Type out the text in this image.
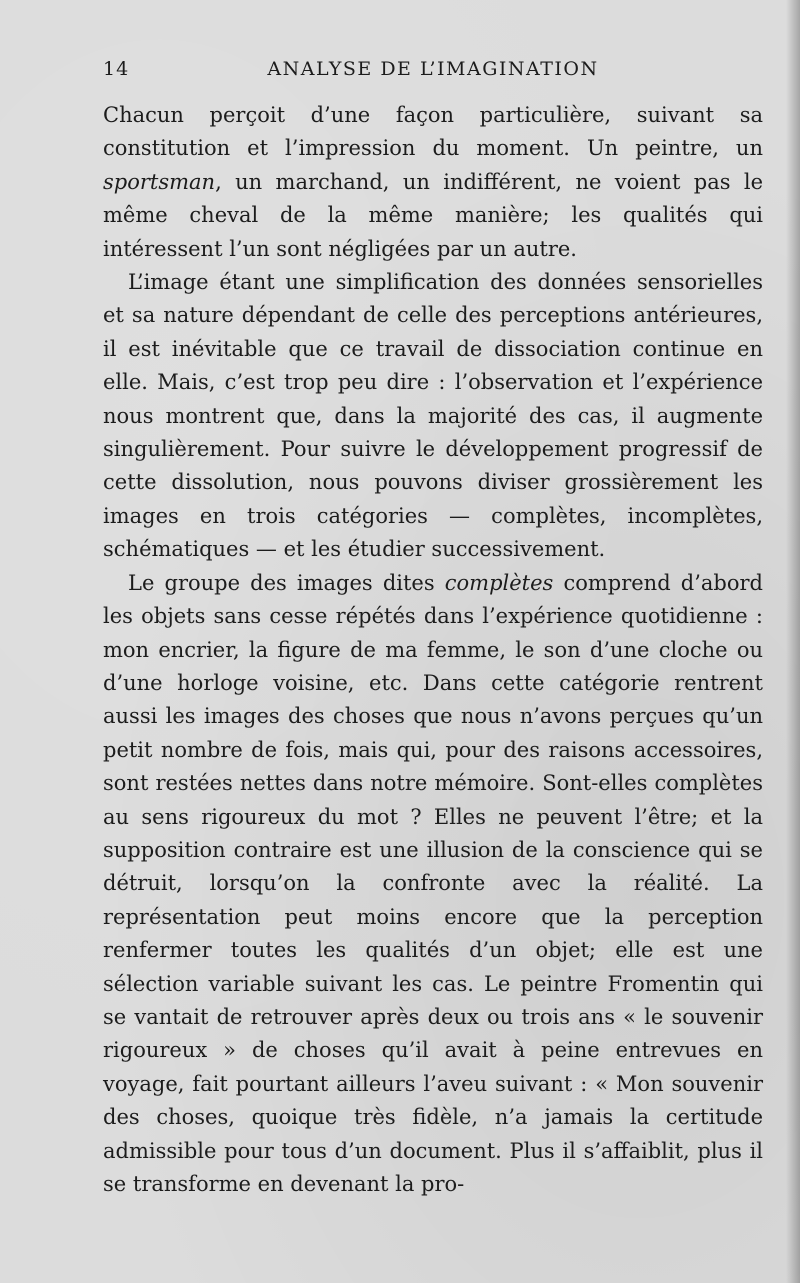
14	ANALYSE DE L’IMAGINATION

Chacun perçoit d’une façon particulière, suivant sa constitution et l’impression du moment. Un peintre, un sportsman, un marchand, un indifférent, ne voient pas le même cheval de la même manière; les qualités qui intéressent l’un sont négligées par un autre.

L’image étant une simplification des données sensorielles et sa nature dépendant de celle des perceptions antérieures, il est inévitable que ce travail de dissociation continue en elle. Mais, c’est trop peu dire : l’observation et l’expérience nous montrent que, dans la majorité des cas, il augmente singulièrement. Pour suivre le développement progressif de cette dissolution, nous pouvons diviser grossièrement les images en trois catégories — complètes, incomplètes, schématiques — et les étudier successivement.

Le groupe des images dites complètes comprend d’abord les objets sans cesse répétés dans l’expérience quotidienne : mon encrier, la figure de ma femme, le son d’une cloche ou d’une horloge voisine, etc. Dans cette catégorie rentrent aussi les images des choses que nous n’avons perçues qu’un petit nombre de fois, mais qui, pour des raisons accessoires, sont restées nettes dans notre mémoire. Sont-elles complètes au sens rigoureux du mot ? Elles ne peuvent l’être; et la supposition contraire est une illusion de la conscience qui se détruit, lorsqu’on la confronte avec la réalité. La représentation peut moins encore que la perception renfermer toutes les qualités d’un objet; elle est une sélection variable suivant les cas. Le peintre Fromentin qui se vantait de retrouver après deux ou trois ans « le souvenir rigoureux » de choses qu’il avait à peine entrevues en voyage, fait pourtant ailleurs l’aveu suivant : « Mon souvenir des choses, quoique très fidèle, n’a jamais la certitude admissible pour tous d’un document. Plus il s’affaiblit, plus il se transforme en devenant la pro-
